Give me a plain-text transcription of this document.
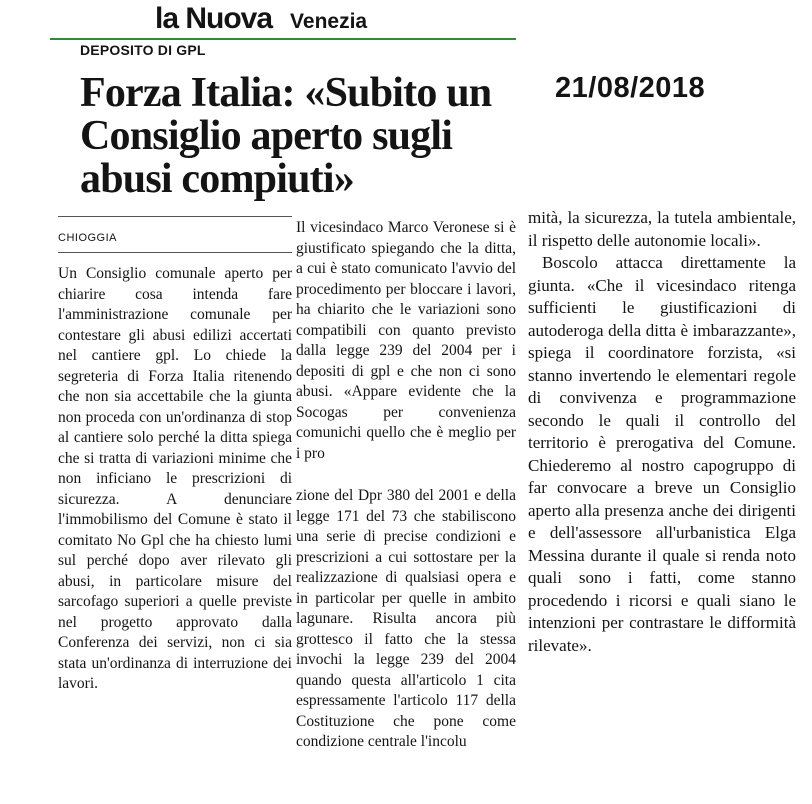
la Nuova Venezia
DEPOSITO DI GPL
21/08/2018
Forza Italia: «Subito un Consiglio aperto sugli abusi compiuti»
CHIOGGIA

Un Consiglio comunale aperto per chiarire cosa intenda fare l'amministrazione comunale per contestare gli abusi edilizi accertati nel cantiere gpl. Lo chiede la segreteria di Forza Italia ritenendo che non sia accettabile che la giunta non proceda con un'ordinanza di stop al cantiere solo perché la ditta spiega che si tratta di variazioni minime che non inficiano le prescrizioni di sicurezza. A denunciare l'immobilismo del Comune è stato il comitato No Gpl che ha chiesto lumi sul perché dopo aver rilevato gli abusi, in particolare misure del sarcofago superiori a quelle previste nel progetto approvato dalla Conferenza dei servizi, non ci sia stata un'ordinanza di interruzione dei lavori.

Il vicesindaco Marco Veronese si è giustificato spiegando che la ditta, a cui è stato comunicato l'avvio del procedimento per bloccare i lavori, ha chiarito che le variazioni sono compatibili con quanto previsto dalla legge 239 del 2004 per i depositi di gpl e che non ci sono abusi. «Appare evidente che la Socogas per convenienza comunichi quello che è meglio per i pro

zione del Dpr 380 del 2001 e della legge 171 del 73 che stabiliscono una serie di precise condizioni e prescrizioni a cui sottostare per la realizzazione di qualsiasi opera e in particolar per quelle in ambito lagunare. Risulta ancora più grottesco il fatto che la stessa invochi la legge 239 del 2004 quando questa all'articolo 1 cita espressamente l'articolo 117 della Costituzione che pone come condizione centrale l'incolu

mità, la sicurezza, la tutela ambientale, il rispetto delle autonomie locali».

Boscolo attacca direttamente la giunta. «Che il vicesindaco ritenga sufficienti le giustificazioni di autoderoga della ditta è imbarazzante», spiega il coordinatore forzista, «si stanno invertendo le elementari regole di convivenza e programmazione secondo le quali il controllo del territorio è prerogativa del Comune. Chiederemo al nostro capogruppo di far convocare a breve un Consiglio aperto alla presenza anche dei dirigenti e dell'assessore all'urbanistica Elga Messina durante il quale si renda noto quali sono i fatti, come stanno procedendo i ricorsi e quali siano le intenzioni per contrastare le difformità rilevate».
